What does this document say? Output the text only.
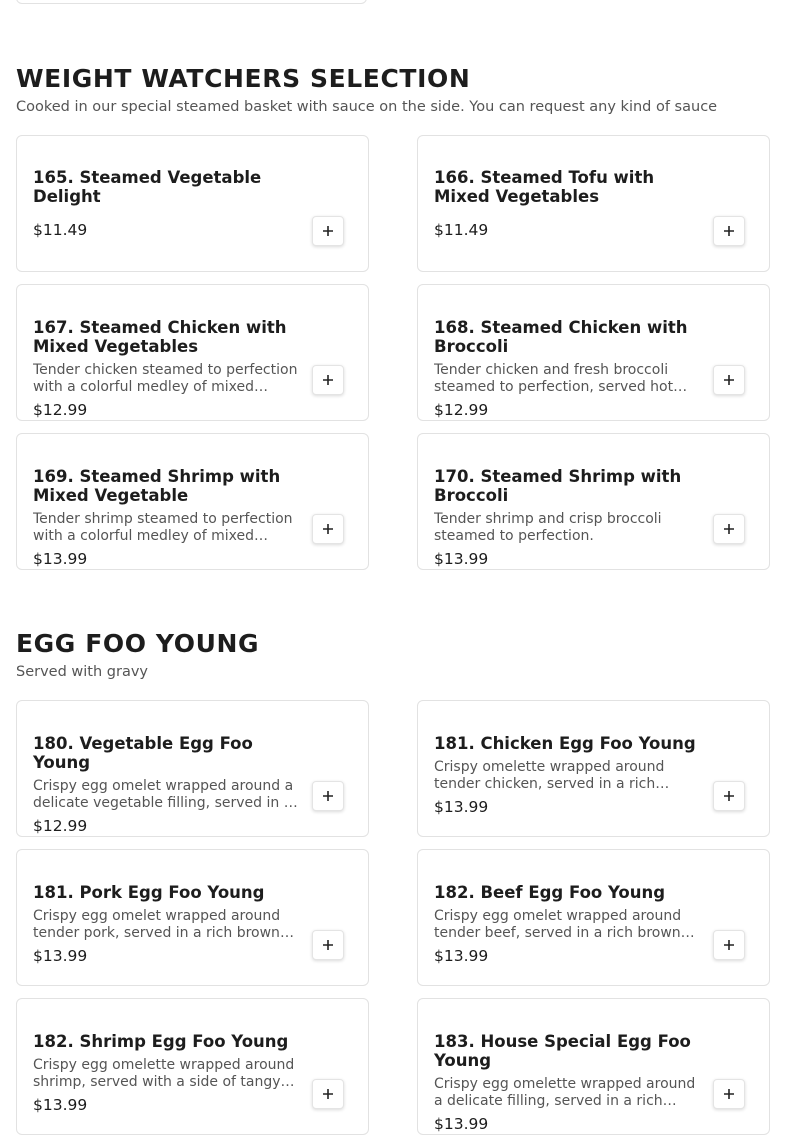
WEIGHT WATCHERS SELECTION
Cooked in our special steamed basket with sauce on the side. You can request any kind of sauce
165. Steamed Vegetable Delight
$11.49
166. Steamed Tofu with Mixed Vegetables
$11.49
167. Steamed Chicken with Mixed Vegetables
Tender chicken steamed to perfection with a colorful medley of mixed
$12.99
168. Steamed Chicken with Broccoli
Tender chicken and fresh broccoli steamed to perfection, served hot
$12.99
169. Steamed Shrimp with Mixed Vegetable
Tender shrimp steamed to perfection with a colorful medley of mixed
$13.99
170. Steamed Shrimp with Broccoli
Tender shrimp and crisp broccoli steamed to perfection.
$13.99
EGG FOO YOUNG
Served with gravy
180. Vegetable Egg Foo Young
Crispy egg omelet wrapped around a delicate vegetable filling, served in a
$12.99
181. Chicken Egg Foo Young
Crispy omelette wrapped around tender chicken, served in a rich
$13.99
181. Pork Egg Foo Young
Crispy egg omelet wrapped around tender pork, served in a rich brown
$13.99
182. Beef Egg Foo Young
Crispy egg omelet wrapped around tender beef, served in a rich brown
$13.99
182. Shrimp Egg Foo Young
Crispy egg omelette wrapped around shrimp, served with a side of tangy
$13.99
183. House Special Egg Foo Young
Crispy egg omelette wrapped around a delicate filling, served in a rich
$13.99
